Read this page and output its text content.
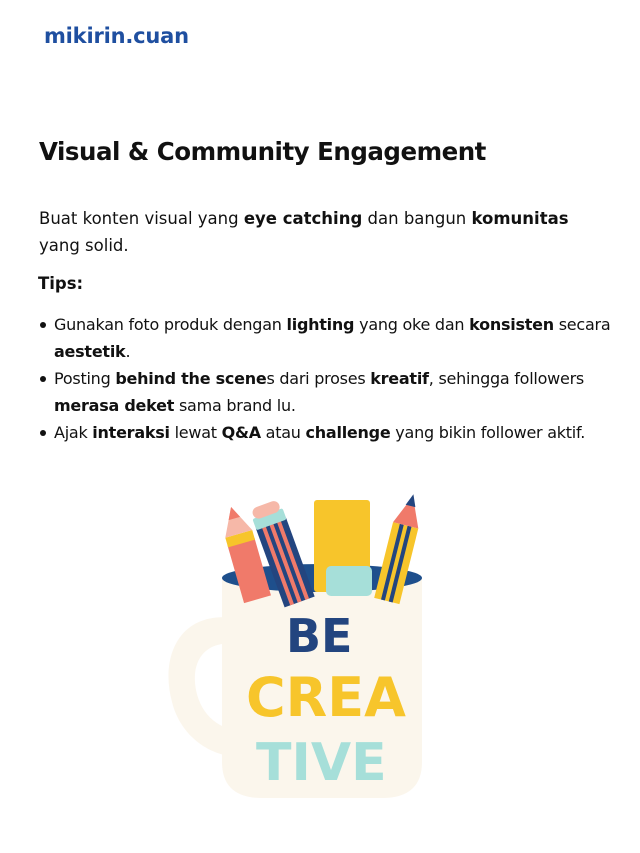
mikirin.cuan
Visual & Community Engagement

Buat konten visual yang eye catching dan bangun komunitas yang solid.

Tips:

Gunakan foto produk dengan lighting yang oke dan konsisten secara aestetik.
Posting behind the scenes dari proses kreatif, sehingga followers merasa deket sama brand lu.
Ajak interaksi lewat Q&A atau challenge yang bikin follower aktif.
BE
CREA
TIVE
